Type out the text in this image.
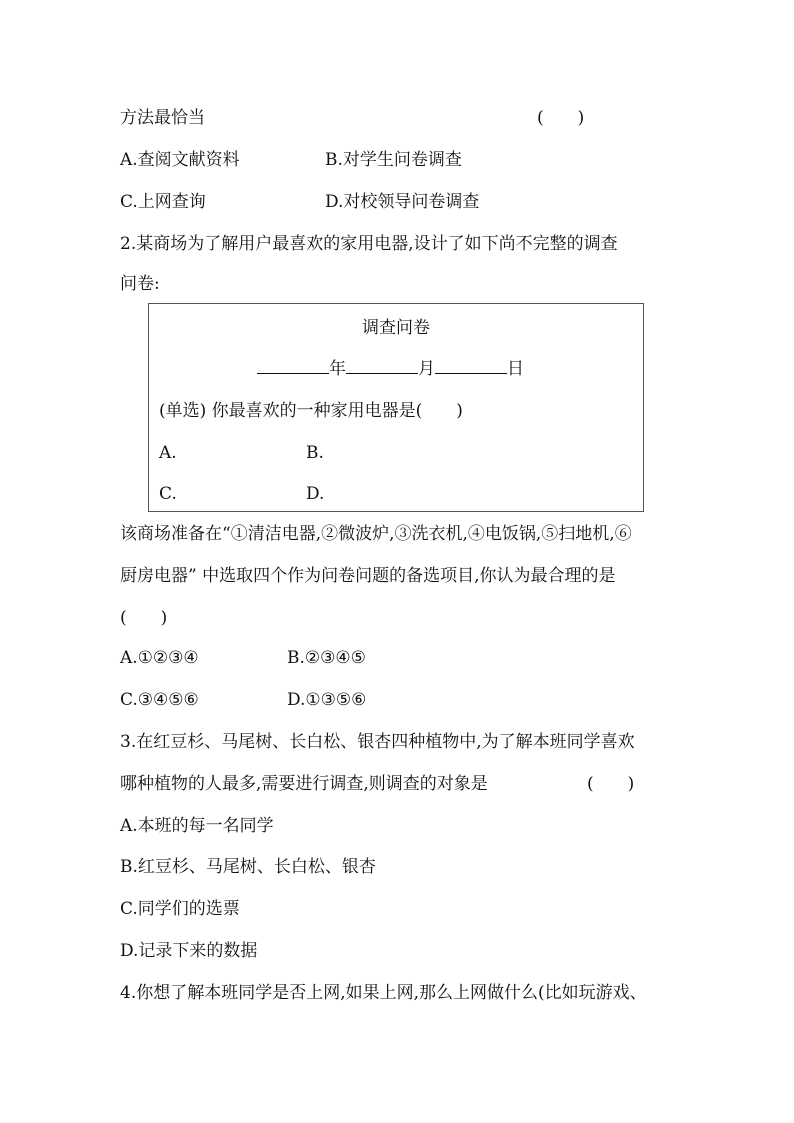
方法最恰当	(　　)
A.查阅文献资料	B.对学生问卷调查
C.上网查询	D.对校领导问卷调查
2.某商场为了解用户最喜欢的家用电器,设计了如下尚不完整的调查
问卷:
调查问卷
年	月	日
(单选) 你最喜欢的一种家用电器是(　　)
A.	B.
C.	D.
该商场准备在“①清洁电器,②微波炉,③洗衣机,④电饭锅,⑤扫地机,⑥
厨房电器” 中选取四个作为问卷问题的备选项目,你认为最合理的是
(　　)
A.①②③④	B.②③④⑤
C.③④⑤⑥	D.①③⑤⑥
3.在红豆杉、马尾树、长白松、银杏四种植物中,为了解本班同学喜欢
哪种植物的人最多,需要进行调查,则调查的对象是	(　　)
A.本班的每一名同学
B.红豆杉、马尾树、长白松、银杏
C.同学们的选票
D.记录下来的数据
4.你想了解本班同学是否上网,如果上网,那么上网做什么(比如玩游戏、
